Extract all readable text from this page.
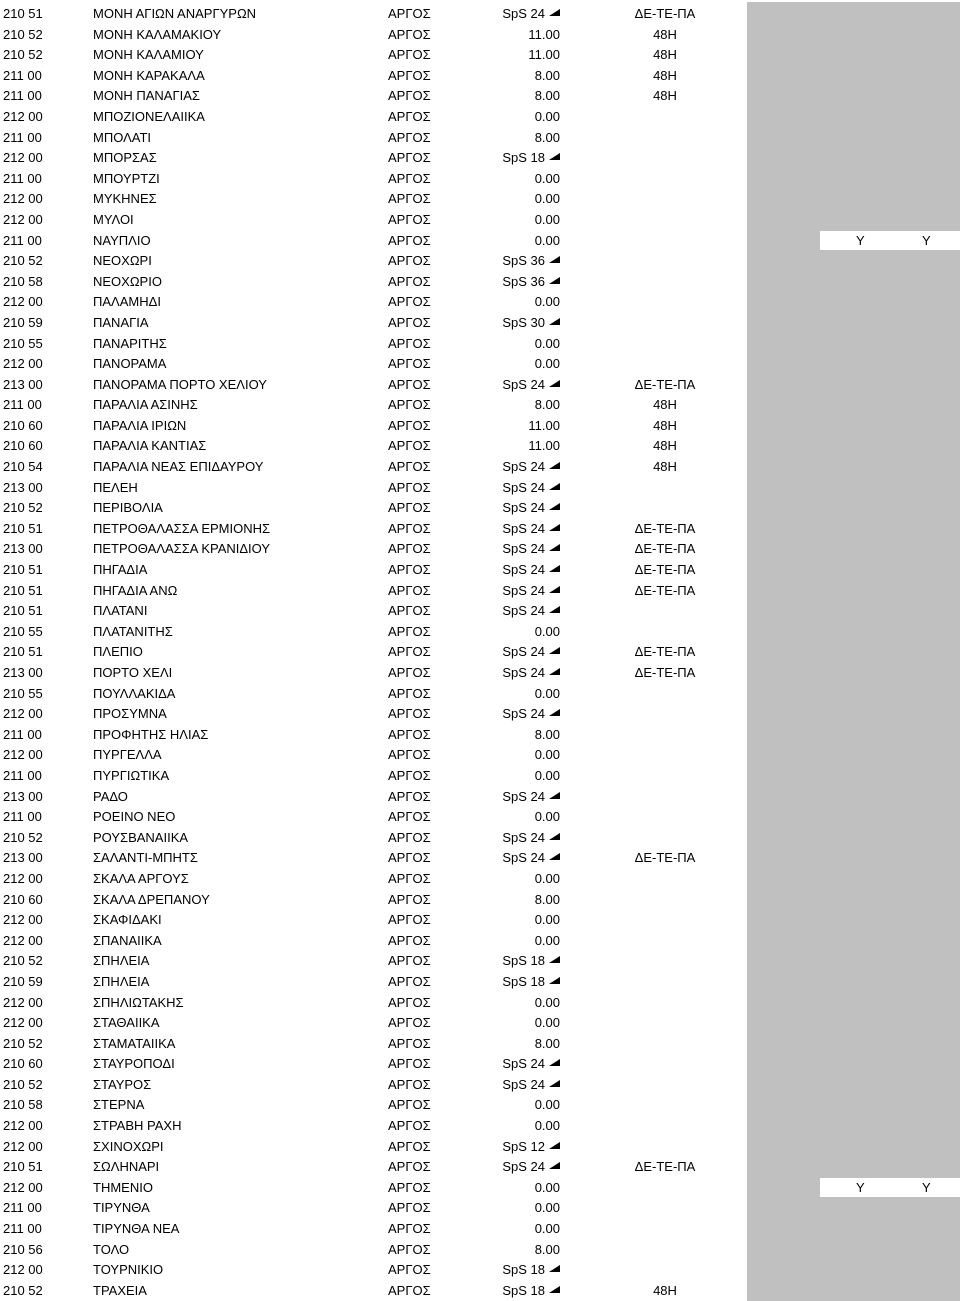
210 51	ΜΟΝΗ ΑΓΙΩΝ ΑΝΑΡΓΥΡΩΝ	ΑΡΓΟΣ	SpS 24	ΔΕ-ΤΕ-ΠΑ
210 52	ΜΟΝΗ ΚΑΛΑΜΑΚΙΟΥ	ΑΡΓΟΣ	11.00	48Η
210 52	ΜΟΝΗ ΚΑΛΑΜΙΟΥ	ΑΡΓΟΣ	11.00	48Η
211 00	ΜΟΝΗ ΚΑΡΑΚΑΛΑ	ΑΡΓΟΣ	8.00	48Η
211 00	ΜΟΝΗ ΠΑΝΑΓΙΑΣ	ΑΡΓΟΣ	8.00	48Η
212 00	ΜΠΟΖΙΟΝΕΛΑΙΙΚΑ	ΑΡΓΟΣ	0.00
211 00	ΜΠΟΛΑΤΙ	ΑΡΓΟΣ	8.00
212 00	ΜΠΟΡΣΑΣ	ΑΡΓΟΣ	SpS 18
211 00	ΜΠΟΥΡΤΖΙ	ΑΡΓΟΣ	0.00
212 00	ΜΥΚΗΝΕΣ	ΑΡΓΟΣ	0.00
212 00	ΜΥΛΟΙ	ΑΡΓΟΣ	0.00
211 00	ΝΑΥΠΛΙΟ	ΑΡΓΟΣ	0.00	Y	Y
210 52	ΝΕΟΧΩΡΙ	ΑΡΓΟΣ	SpS 36
210 58	ΝΕΟΧΩΡΙΟ	ΑΡΓΟΣ	SpS 36
212 00	ΠΑΛΑΜΗΔΙ	ΑΡΓΟΣ	0.00
210 59	ΠΑΝΑΓΙΑ	ΑΡΓΟΣ	SpS 30
210 55	ΠΑΝΑΡΙΤΗΣ	ΑΡΓΟΣ	0.00
212 00	ΠΑΝΟΡΑΜΑ	ΑΡΓΟΣ	0.00
213 00	ΠΑΝΟΡΑΜΑ ΠΟΡΤΟ ΧΕΛΙΟΥ	ΑΡΓΟΣ	SpS 24	ΔΕ-ΤΕ-ΠΑ
211 00	ΠΑΡΑΛΙΑ ΑΣΙΝΗΣ	ΑΡΓΟΣ	8.00	48Η
210 60	ΠΑΡΑΛΙΑ ΙΡΙΩΝ	ΑΡΓΟΣ	11.00	48Η
210 60	ΠΑΡΑΛΙΑ ΚΑΝΤΙΑΣ	ΑΡΓΟΣ	11.00	48Η
210 54	ΠΑΡΑΛΙΑ ΝΕΑΣ ΕΠΙΔΑΥΡΟΥ	ΑΡΓΟΣ	SpS 24	48Η
213 00	ΠΕΛΕΗ	ΑΡΓΟΣ	SpS 24
210 52	ΠΕΡΙΒΟΛΙΑ	ΑΡΓΟΣ	SpS 24
210 51	ΠΕΤΡΟΘΑΛΑΣΣΑ ΕΡΜΙΟΝΗΣ	ΑΡΓΟΣ	SpS 24	ΔΕ-ΤΕ-ΠΑ
213 00	ΠΕΤΡΟΘΑΛΑΣΣΑ ΚΡΑΝΙΔΙΟΥ	ΑΡΓΟΣ	SpS 24	ΔΕ-ΤΕ-ΠΑ
210 51	ΠΗΓΑΔΙΑ	ΑΡΓΟΣ	SpS 24	ΔΕ-ΤΕ-ΠΑ
210 51	ΠΗΓΑΔΙΑ ΑΝΩ	ΑΡΓΟΣ	SpS 24	ΔΕ-ΤΕ-ΠΑ
210 51	ΠΛΑΤΑΝΙ	ΑΡΓΟΣ	SpS 24
210 55	ΠΛΑΤΑΝΙΤΗΣ	ΑΡΓΟΣ	0.00
210 51	ΠΛΕΠΙΟ	ΑΡΓΟΣ	SpS 24	ΔΕ-ΤΕ-ΠΑ
213 00	ΠΟΡΤΟ ΧΕΛΙ	ΑΡΓΟΣ	SpS 24	ΔΕ-ΤΕ-ΠΑ
210 55	ΠΟΥΛΛΑΚΙΔΑ	ΑΡΓΟΣ	0.00
212 00	ΠΡΟΣΥΜΝΑ	ΑΡΓΟΣ	SpS 24
211 00	ΠΡΟΦΗΤΗΣ ΗΛΙΑΣ	ΑΡΓΟΣ	8.00
212 00	ΠΥΡΓΕΛΛΑ	ΑΡΓΟΣ	0.00
211 00	ΠΥΡΓΙΩΤΙΚΑ	ΑΡΓΟΣ	0.00
213 00	ΡΑΔΟ	ΑΡΓΟΣ	SpS 24
211 00	ΡΟΕΙΝΟ ΝΕΟ	ΑΡΓΟΣ	0.00
210 52	ΡΟΥΣΒΑΝΑΙΙΚΑ	ΑΡΓΟΣ	SpS 24
213 00	ΣΑΛΑΝΤΙ-ΜΠΗΤΣ	ΑΡΓΟΣ	SpS 24	ΔΕ-ΤΕ-ΠΑ
212 00	ΣΚΑΛΑ ΑΡΓΟΥΣ	ΑΡΓΟΣ	0.00
210 60	ΣΚΑΛΑ ΔΡΕΠΑΝΟΥ	ΑΡΓΟΣ	8.00
212 00	ΣΚΑΦΙΔΑΚΙ	ΑΡΓΟΣ	0.00
212 00	ΣΠΑΝΑΙΙΚΑ	ΑΡΓΟΣ	0.00
210 52	ΣΠΗΛΕΙΑ	ΑΡΓΟΣ	SpS 18
210 59	ΣΠΗΛΕΙΑ	ΑΡΓΟΣ	SpS 18
212 00	ΣΠΗΛΙΩΤΑΚΗΣ	ΑΡΓΟΣ	0.00
212 00	ΣΤΑΘΑΙΙΚΑ	ΑΡΓΟΣ	0.00
210 52	ΣΤΑΜΑΤΑΙΙΚΑ	ΑΡΓΟΣ	8.00
210 60	ΣΤΑΥΡΟΠΟΔΙ	ΑΡΓΟΣ	SpS 24
210 52	ΣΤΑΥΡΟΣ	ΑΡΓΟΣ	SpS 24
210 58	ΣΤΕΡΝΑ	ΑΡΓΟΣ	0.00
212 00	ΣΤΡΑΒΗ ΡΑΧΗ	ΑΡΓΟΣ	0.00
212 00	ΣΧΙΝΟΧΩΡΙ	ΑΡΓΟΣ	SpS 12
210 51	ΣΩΛΗΝΑΡΙ	ΑΡΓΟΣ	SpS 24	ΔΕ-ΤΕ-ΠΑ
212 00	ΤΗΜΕΝΙΟ	ΑΡΓΟΣ	0.00	Y	Y
211 00	ΤΙΡΥΝΘΑ	ΑΡΓΟΣ	0.00
211 00	ΤΙΡΥΝΘΑ ΝΕΑ	ΑΡΓΟΣ	0.00
210 56	ΤΟΛΟ	ΑΡΓΟΣ	8.00
212 00	ΤΟΥΡΝΙΚΙΟ	ΑΡΓΟΣ	SpS 18
210 52	ΤΡΑΧΕΙΑ	ΑΡΓΟΣ	SpS 18	48Η
